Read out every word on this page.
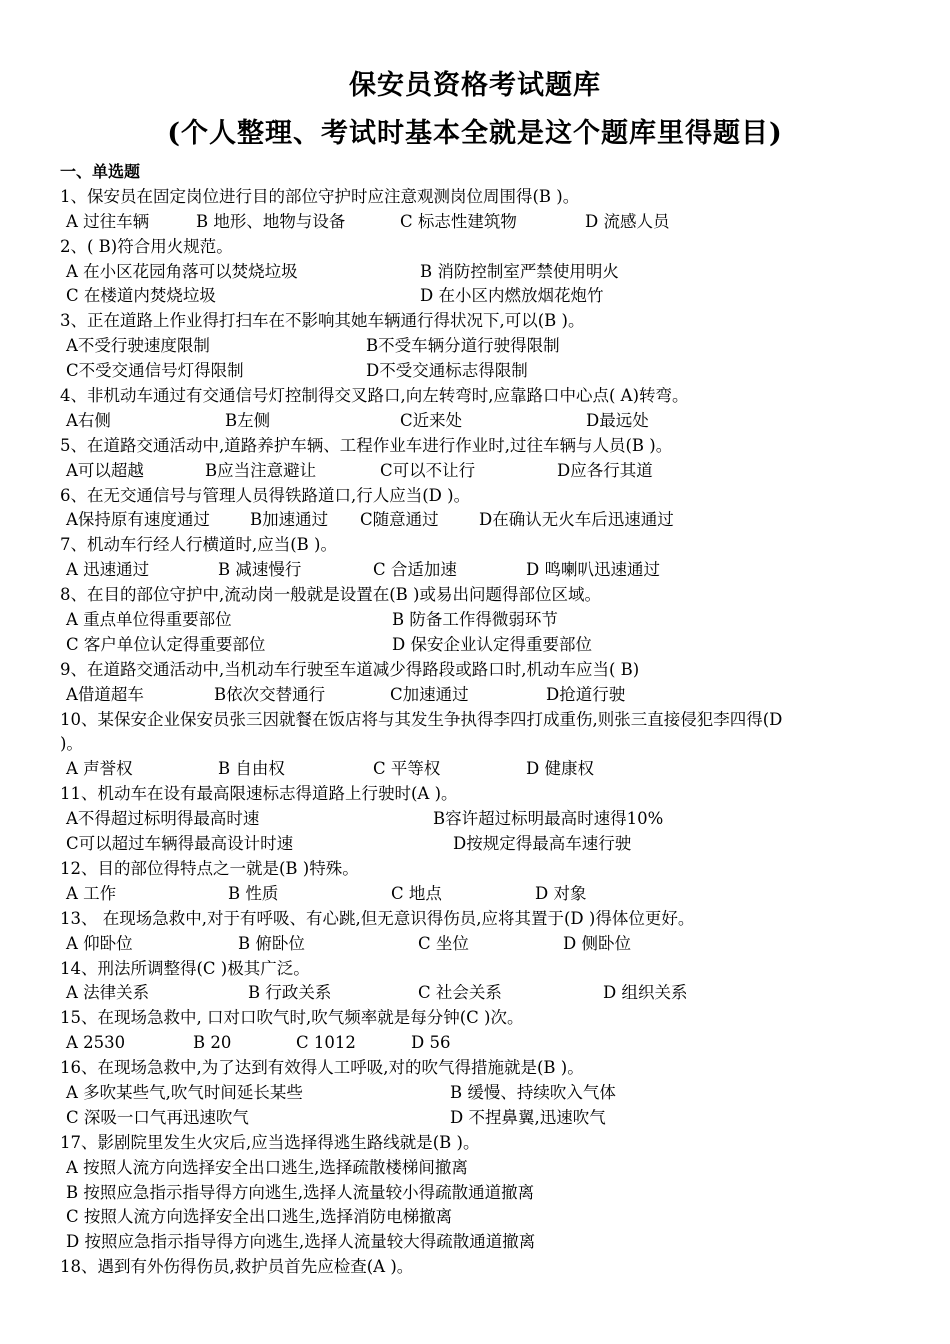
保安员资格考试题库
(个人整理、考试时基本全就是这个题库里得题目)
一、单选题
1、保安员在固定岗位进行目的部位守护时应注意观测岗位周围得(B )。
A 过往车辆	B 地形、地物与设备	C 标志性建筑物	D 流感人员
2、( B)符合用火规范。
A 在小区花园角落可以焚烧垃圾	B 消防控制室严禁使用明火
C 在楼道内焚烧垃圾	D 在小区内燃放烟花炮竹
3、正在道路上作业得打扫车在不影响其她车辆通行得状况下,可以(B )。
A不受行驶速度限制	B不受车辆分道行驶得限制
C不受交通信号灯得限制	D不受交通标志得限制
4、非机动车通过有交通信号灯控制得交叉路口,向左转弯时,应靠路口中心点( A)转弯。
A右侧	B左侧	C近来处	D最远处
5、在道路交通活动中,道路养护车辆、工程作业车进行作业时,过往车辆与人员(B )。
A可以超越	B应当注意避让	C可以不让行	D应各行其道
6、在无交通信号与管理人员得铁路道口,行人应当(D )。
A保持原有速度通过 B加速通过 C随意通过 D在确认无火车后迅速通过
7、机动车行经人行横道时,应当(B )。
A 迅速通过	B 减速慢行	C 合适加速	D 鸣喇叭迅速通过
8、在目的部位守护中,流动岗一般就是设置在(B )或易出问题得部位区域。
A 重点单位得重要部位	B 防备工作得微弱环节
C 客户单位认定得重要部位	D 保安企业认定得重要部位
9、在道路交通活动中,当机动车行驶至车道减少得路段或路口时,机动车应当( B)
A借道超车	B依次交替通行	C加速通过	D抢道行驶
10、某保安企业保安员张三因就餐在饭店将与其发生争执得李四打成重伤,则张三直接侵犯李四得(D
)。
A 声誉权	B 自由权	C 平等权	D 健康权
11、机动车在设有最高限速标志得道路上行驶时(A )。
A不得超过标明得最高时速	B容许超过标明最高时速得10%
C可以超过车辆得最高设计时速	D按规定得最高车速行驶
12、目的部位得特点之一就是(B )特殊。
A 工作	B 性质	C 地点	D 对象
13、 在现场急救中,对于有呼吸、有心跳,但无意识得伤员,应将其置于(D )得体位更好。
A 仰卧位	B 俯卧位	C 坐位	D 侧卧位
14、刑法所调整得(C )极其广泛。
A 法律关系	B 行政关系	C 社会关系	D 组织关系
15、在现场急救中, 口对口吹气时,吹气频率就是每分钟(C )次。
A 2530	B 20	C 1012	D 56
16、在现场急救中,为了达到有效得人工呼吸,对的吹气得措施就是(B )。
A 多吹某些气,吹气时间延长某些	B 缓慢、持续吹入气体
C 深吸一口气再迅速吹气	D 不捏鼻翼,迅速吹气
17、影剧院里发生火灾后,应当选择得逃生路线就是(B )。
A 按照人流方向选择安全出口逃生,选择疏散楼梯间撤离
B 按照应急指示指导得方向逃生,选择人流量较小得疏散通道撤离
C 按照人流方向选择安全出口逃生,选择消防电梯撤离
D 按照应急指示指导得方向逃生,选择人流量较大得疏散通道撤离
18、遇到有外伤得伤员,救护员首先应检查(A )。
